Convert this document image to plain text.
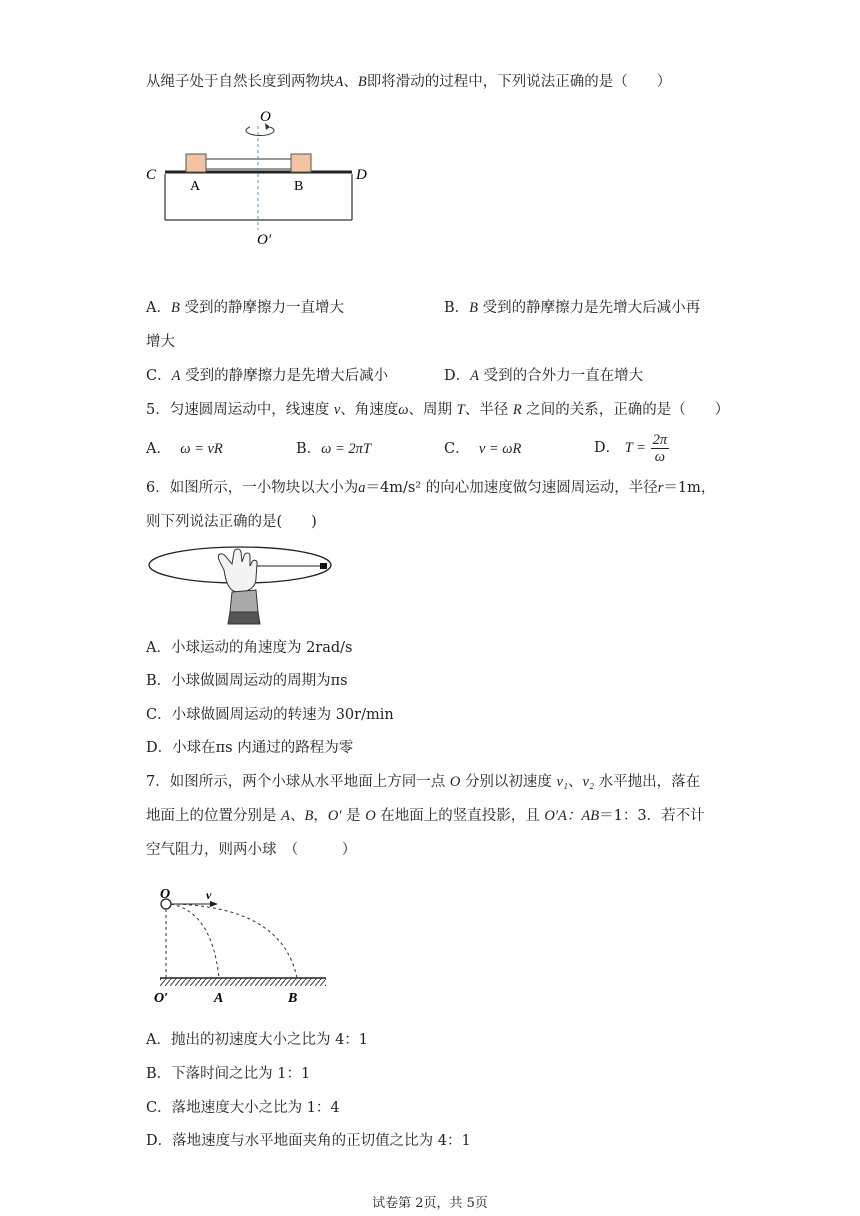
从绳子处于自然长度到两物块A、B即将滑动的过程中，下列说法正确的是（　　）
O
O′
C	D
A	B
A．B 受到的静摩擦力一直增大	B．B 受到的静摩擦力是先增大后减小再
增大
C．A 受到的静摩擦力是先增大后减小	D．A 受到的合外力一直在增大
5．匀速圆周运动中，线速度 v、角速度ω、周期 T、半径 R 之间的关系，正确的是（　　）
A． ω = vR	B．ω = 2πT	C． v = ωR	D． $T = \frac{2\pi}{\omega}$
6．如图所示，一小物块以大小为a＝4m/s² 的向心加速度做匀速圆周运动，半径r＝1m，
则下列说法正确的是(　　)
A．小球运动的角速度为 2rad/s
B．小球做圆周运动的周期为πs
C．小球做圆周运动的转速为 30r/min
D．小球在πs 内通过的路程为零
7．如图所示，两个小球从水平地面上方同一点 O 分别以初速度 v₁、v₂ 水平抛出，落在
地面上的位置分别是 A、B，O′ 是 O 在地面上的竖直投影，且 O′A：AB＝1：3．若不计
空气阻力，则两小球　（　　　）
O	v
O′	A	B
A．抛出的初速度大小之比为 4：1
B．下落时间之比为 1：1
C．落地速度大小之比为 1：4
D．落地速度与水平地面夹角的正切值之比为 4：1
试卷第 2页，共 5页
